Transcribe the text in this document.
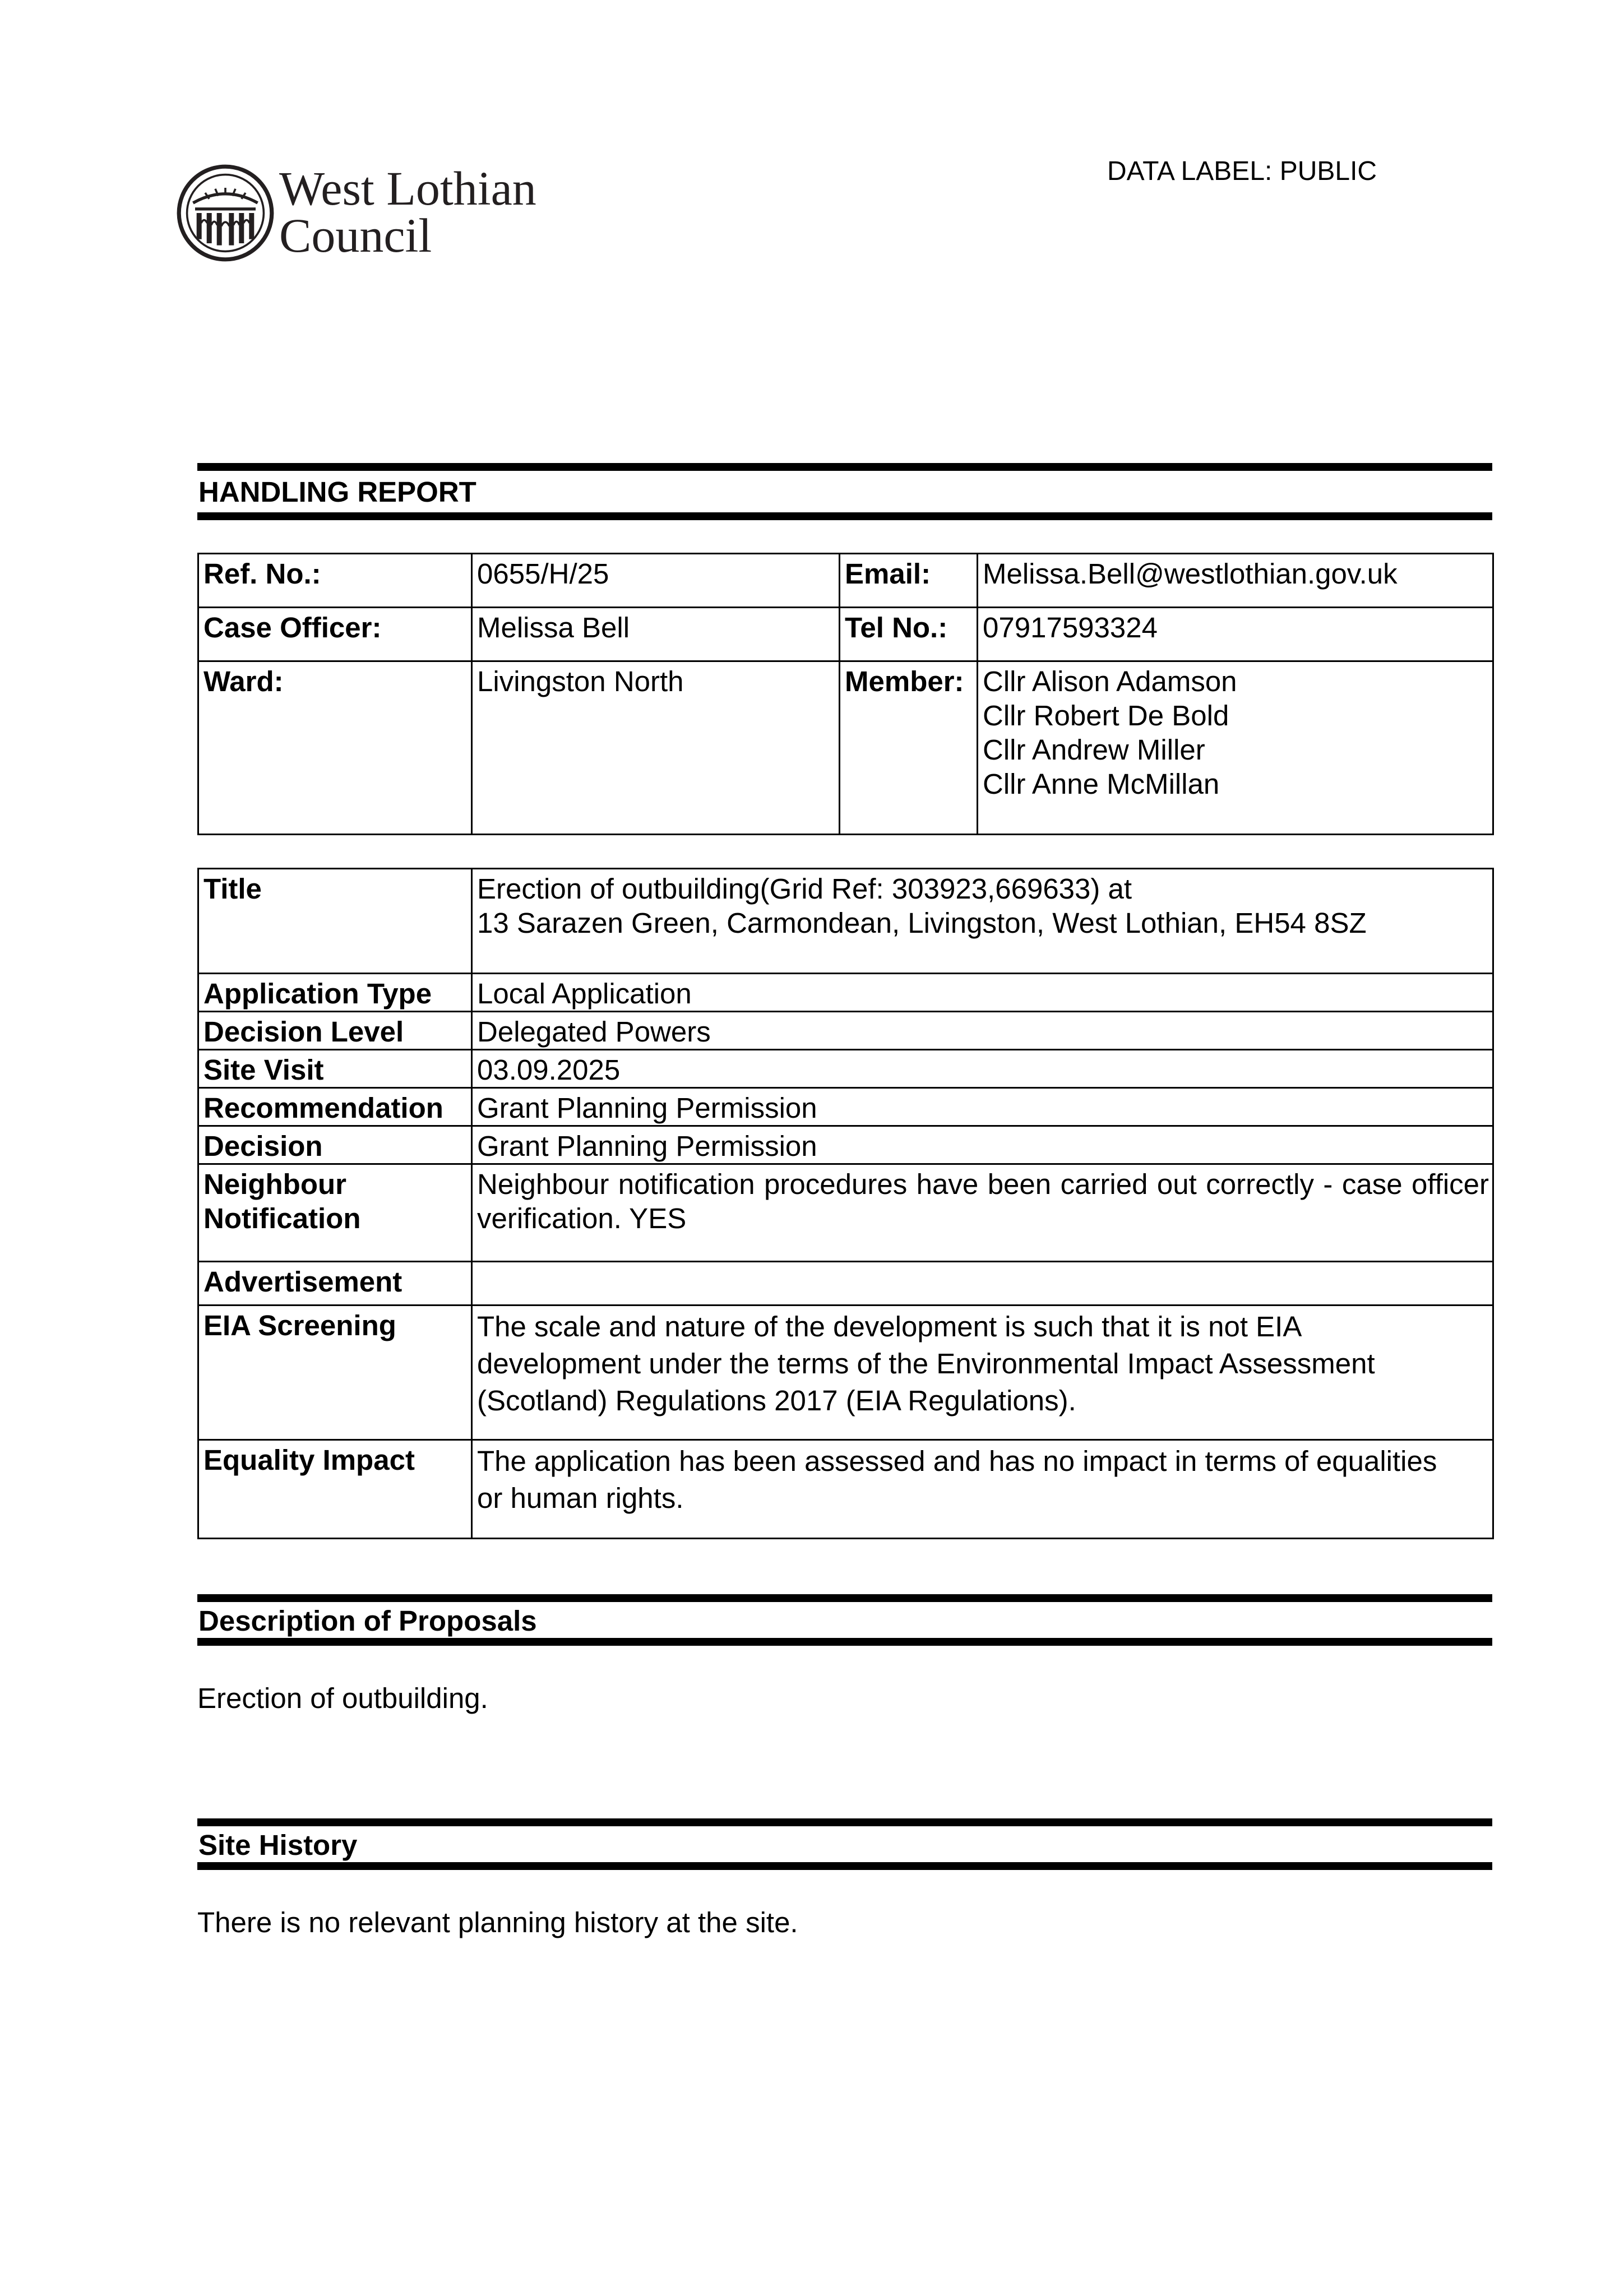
West Lothian
Council
DATA LABEL: PUBLIC
HANDLING REPORT
Ref. No.:	0655/H/25	Email:	Melissa.Bell@westlothian.gov.uk
Case Officer:	Melissa Bell	Tel No.:	07917593324
Ward:	Livingston North	Member:	Cllr Alison Adamson
Cllr Robert De Bold
Cllr Andrew Miller
Cllr Anne McMillan
Title	Erection of outbuilding(Grid Ref: 303923,669633) at
13 Sarazen Green, Carmondean, Livingston, West Lothian, EH54 8SZ

Application Type	Local Application
Decision Level	Delegated Powers
Site Visit	03.09.2025
Recommendation	Grant Planning Permission
Decision	Grant Planning Permission

Neighbour
Notification	Neighbour notification procedures have been carried out correctly - case officer verification. YES
Advertisement	
EIA Screening	The scale and nature of the development is such that it is not EIA
development under the terms of the Environmental Impact Assessment
(Scotland) Regulations 2017 (EIA Regulations).

Equality Impact	The application has been assessed and has no impact in terms of equalities
or human rights.
Description of Proposals
Erection of outbuilding.
Site History
There is no relevant planning history at the site.
